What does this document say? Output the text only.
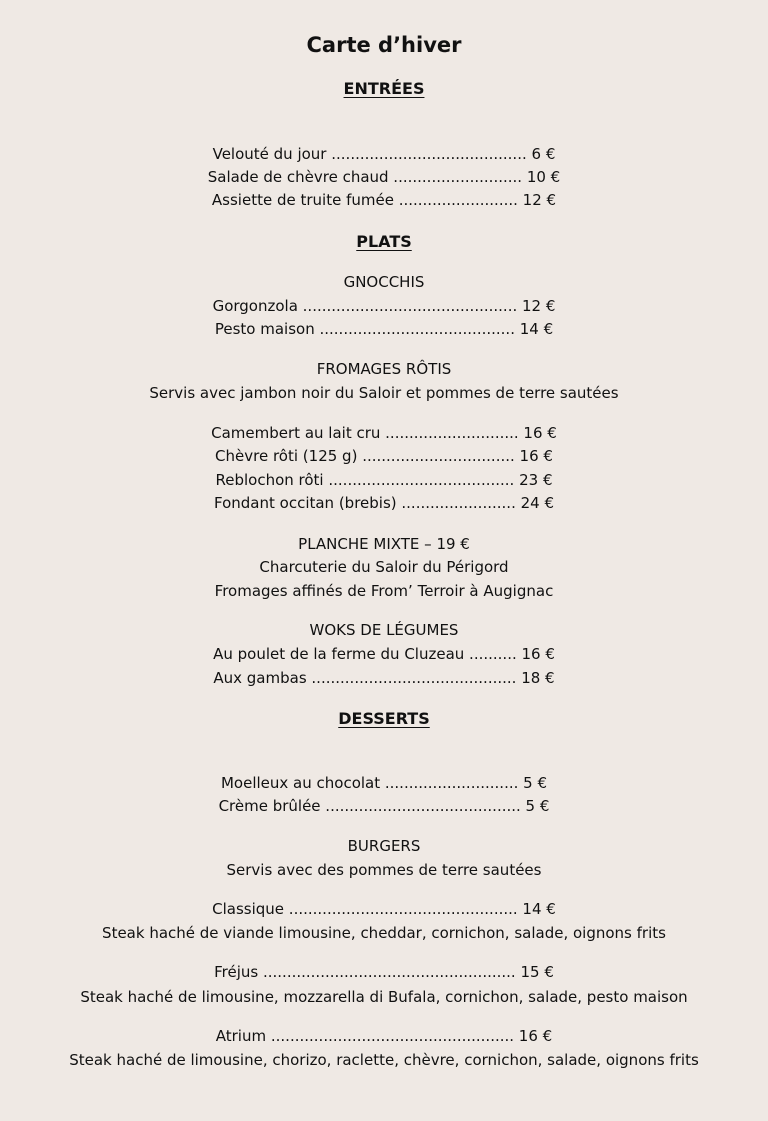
Carte d’hiver
ENTRÉES
Velouté du jour ......................................... 6 €
Salade de chèvre chaud ........................... 10 €
Assiette de truite fumée ......................... 12 €
PLATS
GNOCCHIS
Gorgonzola ............................................. 12 €
Pesto maison ......................................... 14 €
FROMAGES RÔTIS
Servis avec jambon noir du Saloir et pommes de terre sautées
Camembert au lait cru ............................ 16 €
Chèvre rôti (125 g) ................................ 16 €
Reblochon rôti ....................................... 23 €
Fondant occitan (brebis) ........................ 24 €
PLANCHE MIXTE – 19 €
Charcuterie du Saloir du Périgord
Fromages affinés de From’ Terroir à Augignac
WOKS DE LÉGUMES
Au poulet de la ferme du Cluzeau .......... 16 €
Aux gambas ........................................... 18 €
DESSERTS
Moelleux au chocolat ............................ 5 €
Crème brûlée ......................................... 5 €
BURGERS
Servis avec des pommes de terre sautées
Classique ................................................ 14 €
Steak haché de viande limousine, cheddar, cornichon, salade, oignons frits
Fréjus ..................................................... 15 €
Steak haché de limousine, mozzarella di Bufala, cornichon, salade, pesto maison
Atrium ................................................... 16 €
Steak haché de limousine, chorizo, raclette, chèvre, cornichon, salade, oignons frits
